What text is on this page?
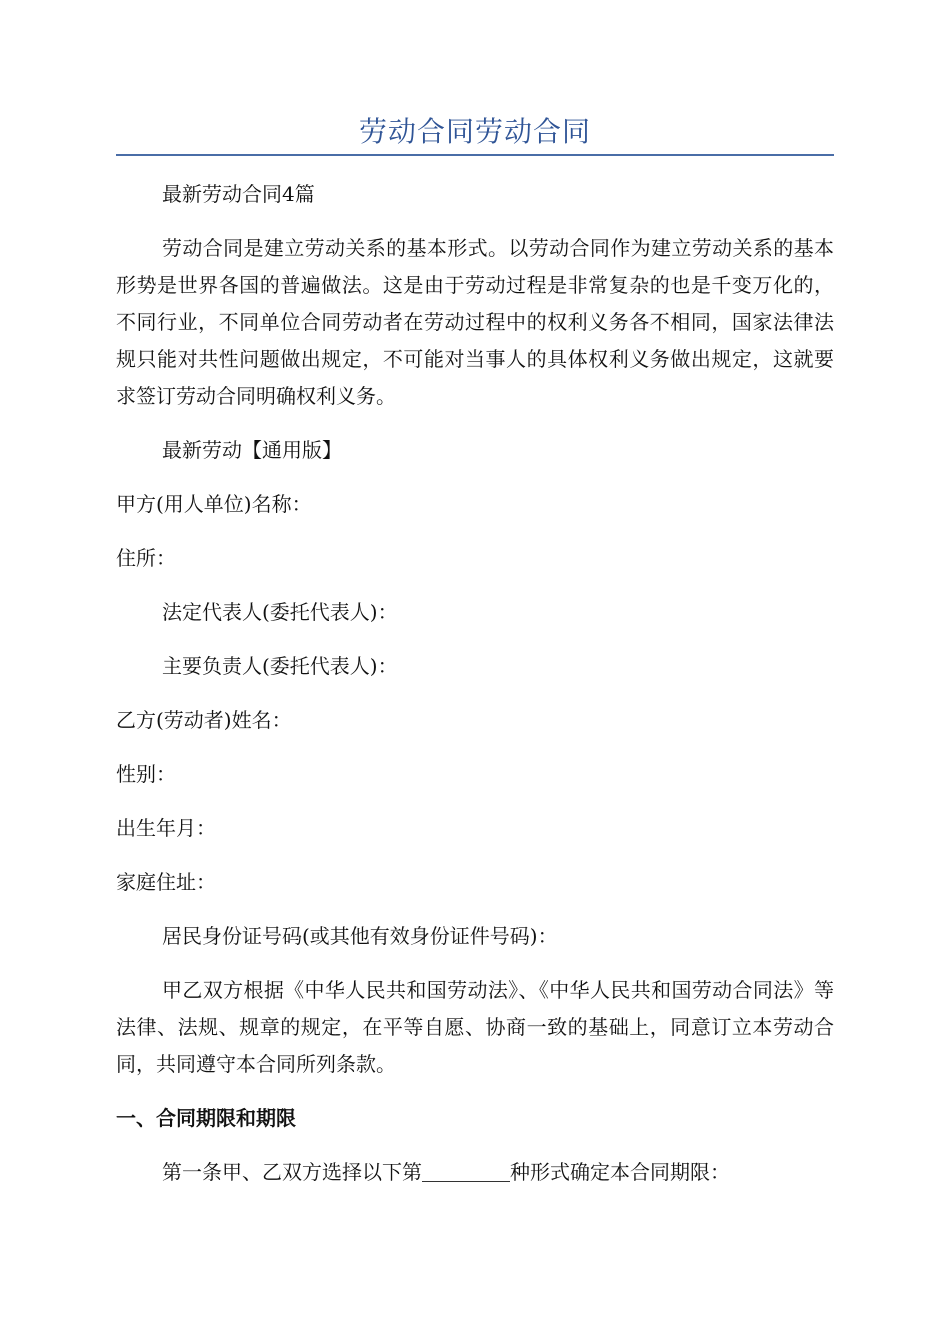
劳动合同劳动合同

最新劳动合同4篇

劳动合同是建立劳动关系的基本形式。以劳动合同作为建立劳动关系的基本形势是世界各国的普遍做法。这是由于劳动过程是非常复杂的也是千变万化的，不同行业，不同单位合同劳动者在劳动过程中的权利义务各不相同，国家法律法规只能对共性问题做出规定，不可能对当事人的具体权利义务做出规定，这就要求签订劳动合同明确权利义务。

最新劳动【通用版】

甲方(用人单位)名称：

住所：

法定代表人(委托代表人)：

主要负责人(委托代表人)：

乙方(劳动者)姓名：

性别：

出生年月：

家庭住址：

居民身份证号码(或其他有效身份证件号码)：

甲乙双方根据《中华人民共和国劳动法》、《中华人民共和国劳动合同法》等法律、法规、规章的规定，在平等自愿、协商一致的基础上，同意订立本劳动合同，共同遵守本合同所列条款。

一、合同期限和期限

第一条甲、乙双方选择以下第	种形式确定本合同期限：
